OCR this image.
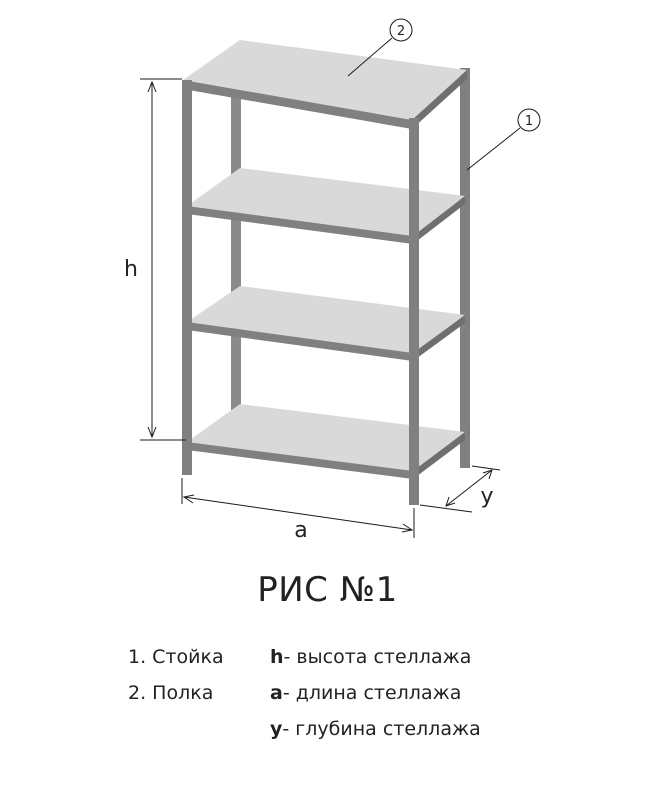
2
1
h
a
y
РИС №1
1. Стойка
2. Полка
h- высота стеллажа
a- длина стеллажа
y- глубина стеллажа
